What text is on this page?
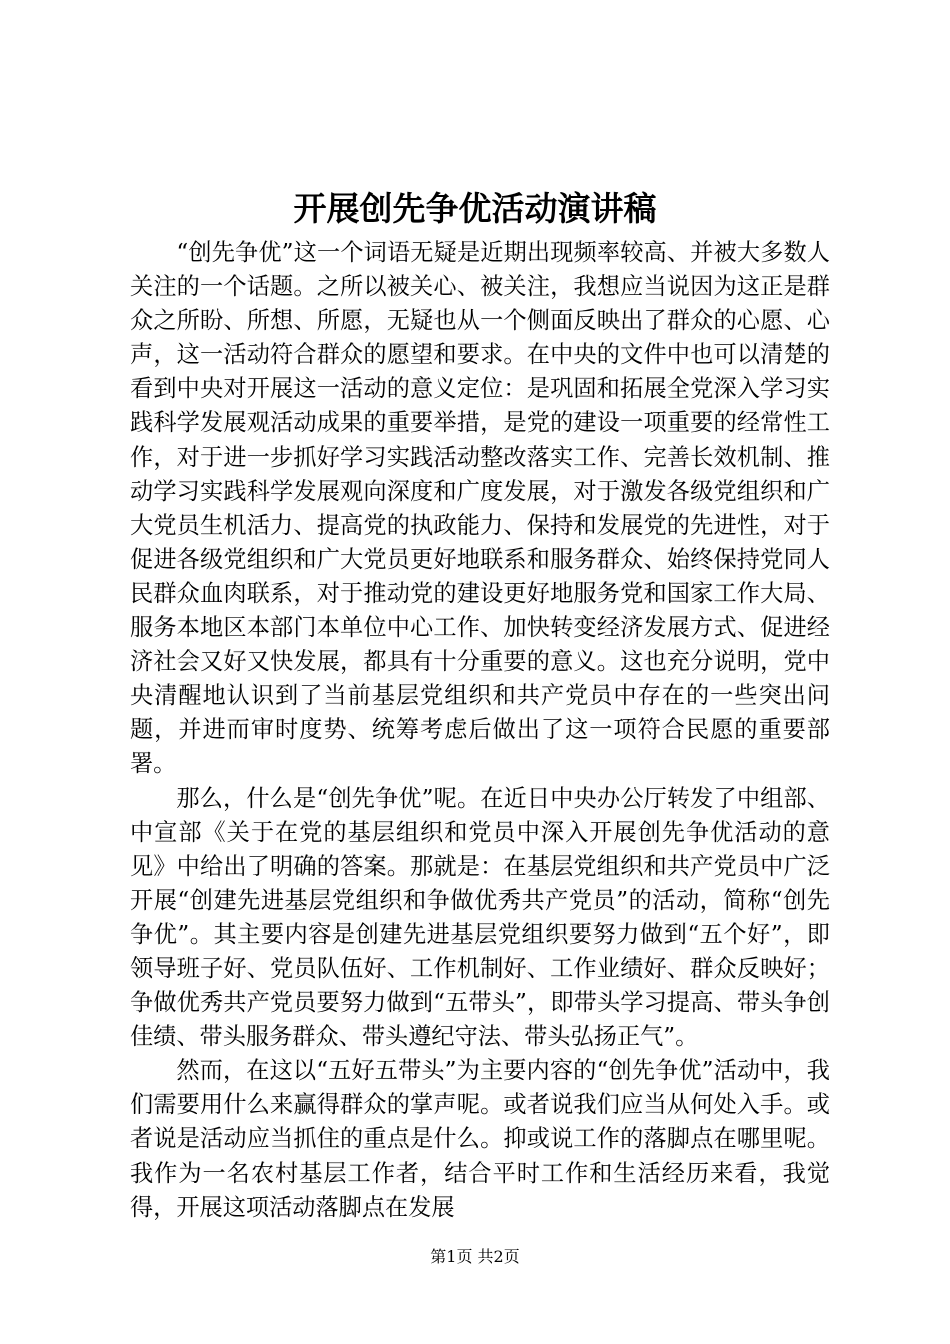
开展创先争优活动演讲稿

“创先争优”这一个词语无疑是近期出现频率较高、并被大多数人关注的一个话题。之所以被关心、被关注，我想应当说因为这正是群众之所盼、所想、所愿，无疑也从一个侧面反映出了群众的心愿、心声，这一活动符合群众的愿望和要求。在中央的文件中也可以清楚的看到中央对开展这一活动的意义定位：是巩固和拓展全党深入学习实践科学发展观活动成果的重要举措，是党的建设一项重要的经常性工作，对于进一步抓好学习实践活动整改落实工作、完善长效机制、推动学习实践科学发展观向深度和广度发展，对于激发各级党组织和广大党员生机活力、提高党的执政能力、保持和发展党的先进性，对于促进各级党组织和广大党员更好地联系和服务群众、始终保持党同人民群众血肉联系，对于推动党的建设更好地服务党和国家工作大局、服务本地区本部门本单位中心工作、加快转变经济发展方式、促进经济社会又好又快发展，都具有十分重要的意义。这也充分说明，党中央清醒地认识到了当前基层党组织和共产党员中存在的一些突出问题，并进而审时度势、统筹考虑后做出了这一项符合民愿的重要部署。

那么，什么是“创先争优”呢。在近日中央办公厅转发了中组部、中宣部《关于在党的基层组织和党员中深入开展创先争优活动的意见》中给出了明确的答案。那就是：在基层党组织和共产党员中广泛开展“创建先进基层党组织和争做优秀共产党员”的活动，简称“创先争优”。其主要内容是创建先进基层党组织要努力做到“五个好”，即领导班子好、党员队伍好、工作机制好、工作业绩好、群众反映好；争做优秀共产党员要努力做到“五带头”，即带头学习提高、带头争创佳绩、带头服务群众、带头遵纪守法、带头弘扬正气”。

然而，在这以“五好五带头”为主要内容的“创先争优”活动中，我们需要用什么来赢得群众的掌声呢。或者说我们应当从何处入手。或者说是活动应当抓住的重点是什么。抑或说工作的落脚点在哪里呢。我作为一名农村基层工作者，结合平时工作和生活经历来看，我觉得，开展这项活动落脚点在发展

第1页 共2页
